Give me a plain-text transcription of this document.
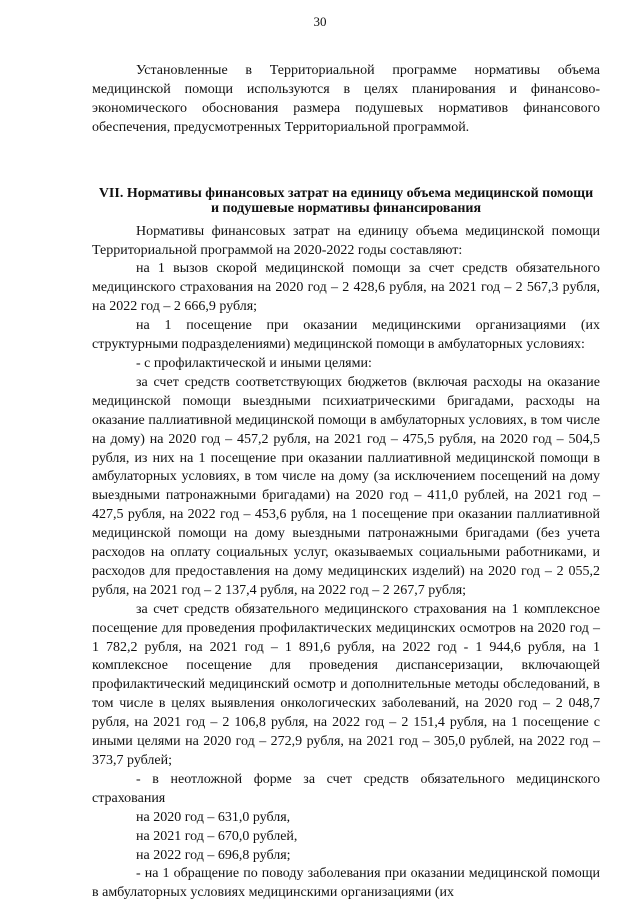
30

Установленные в Территориальной программе нормативы объема медицинской помощи используются в целях планирования и финансово-экономического обоснования размера подушевых нормативов финансового обеспечения, предусмотренных Территориальной программой.

VII. Нормативы финансовых затрат на единицу объема медицинской помощи и подушевые нормативы финансирования

Нормативы финансовых затрат на единицу объема медицинской помощи Территориальной программой на 2020-2022 годы составляют:

на 1 вызов скорой медицинской помощи за счет средств обязательного медицинского страхования на 2020 год – 2 428,6 рубля, на 2021 год – 2 567,3 рубля, на 2022 год – 2 666,9 рубля;

на 1 посещение при оказании медицинскими организациями (их структурными подразделениями) медицинской помощи в амбулаторных условиях:

- с профилактической и иными целями:

за счет средств соответствующих бюджетов (включая расходы на оказание медицинской помощи выездными психиатрическими бригадами, расходы на оказание паллиативной медицинской помощи в амбулаторных условиях, в том числе на дому) на 2020 год – 457,2 рубля, на 2021 год – 475,5 рубля, на 2020 год – 504,5 рубля, из них на 1 посещение при оказании паллиативной медицинской помощи в амбулаторных условиях, в том числе на дому (за исключением посещений на дому выездными патронажными бригадами) на 2020 год – 411,0 рублей, на 2021 год – 427,5 рубля, на 2022 год – 453,6 рубля, на 1 посещение при оказании паллиативной медицинской помощи на дому выездными патронажными бригадами (без учета расходов на оплату социальных услуг, оказываемых социальными работниками, и расходов для предоставления на дому медицинских изделий) на 2020 год – 2 055,2 рубля, на 2021 год – 2 137,4 рубля, на 2022 год – 2 267,7 рубля;

за счет средств обязательного медицинского страхования на 1 комплексное посещение для проведения профилактических медицинских осмотров на 2020 год – 1 782,2 рубля, на 2021 год – 1 891,6 рубля, на 2022 год - 1 944,6 рубля, на 1 комплексное посещение для проведения диспансеризации, включающей профилактический медицинский осмотр и дополнительные методы обследований, в том числе в целях выявления онкологических заболеваний, на 2020 год – 2 048,7 рубля, на 2021 год – 2 106,8 рубля, на 2022 год – 2 151,4 рубля, на 1 посещение с иными целями на 2020 год – 272,9 рубля, на 2021 год – 305,0 рублей, на 2022 год – 373,7 рублей;

- в неотложной форме за счет средств обязательного медицинского страхования

на 2020 год – 631,0 рубля,

на 2021 год – 670,0 рублей,

на 2022 год – 696,8 рубля;

- на 1 обращение по поводу заболевания при оказании медицинской помощи в амбулаторных условиях медицинскими организациями (их
